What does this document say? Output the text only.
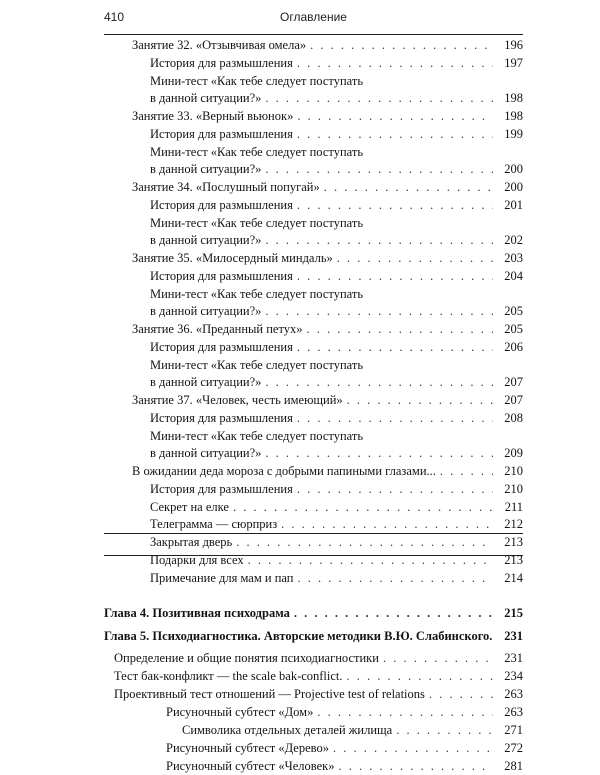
410	Оглавление
Занятие 32. «Отзывчивая омела» . . .	196
История для размышления . . .	197
Мини-тест «Как тебе следует поступать
в данной ситуации?» . . .	198
Занятие 33. «Верный вьюнок» . . .	198
История для размышления . . .	199
Мини-тест «Как тебе следует поступать
в данной ситуации?» . . .	200
Занятие 34. «Послушный попугай» . . .	200
История для размышления . . .	201
Мини-тест «Как тебе следует поступать
в данной ситуации?» . . .	202
Занятие 35. «Милосердный миндаль» . . .	203
История для размышления . . .	204
Мини-тест «Как тебе следует поступать
в данной ситуации?» . . .	205
Занятие 36. «Преданный петух» . . .	205
История для размышления . . .	206
Мини-тест «Как тебе следует поступать
в данной ситуации?» . . .	207
Занятие 37. «Человек, честь имеющий» . . .	207
История для размышления . . .	208
Мини-тест «Как тебе следует поступать
в данной ситуации?» . . .	209
В ожидании деда мороза с добрыми папиными глазами... . . .	210
История для размышления . . .	210
Секрет на елке . . .	211
Телеграмма — сюрприз . . .	212
Закрытая дверь . . .	213
Подарки для всех . . .	213
Примечание для мам и пап . . .	214
Глава 4. Позитивная психодрама . . .	215
Глава 5. Психодиагностика. Авторские методики В.Ю. Слабинского. 231
Определение и общие понятия психодиагностики . . .	231
Тест бак-конфликт — the scale bak-conflict. . . .	234
Проективный тест отношений — Projective test of relations . . .	263
Рисуночный субтест «Дом» . . .	263
Символика отдельных деталей жилища . . .	271
Рисуночный субтест «Дерево» . . .	272
Рисуночный субтест «Человек» . . .	281
